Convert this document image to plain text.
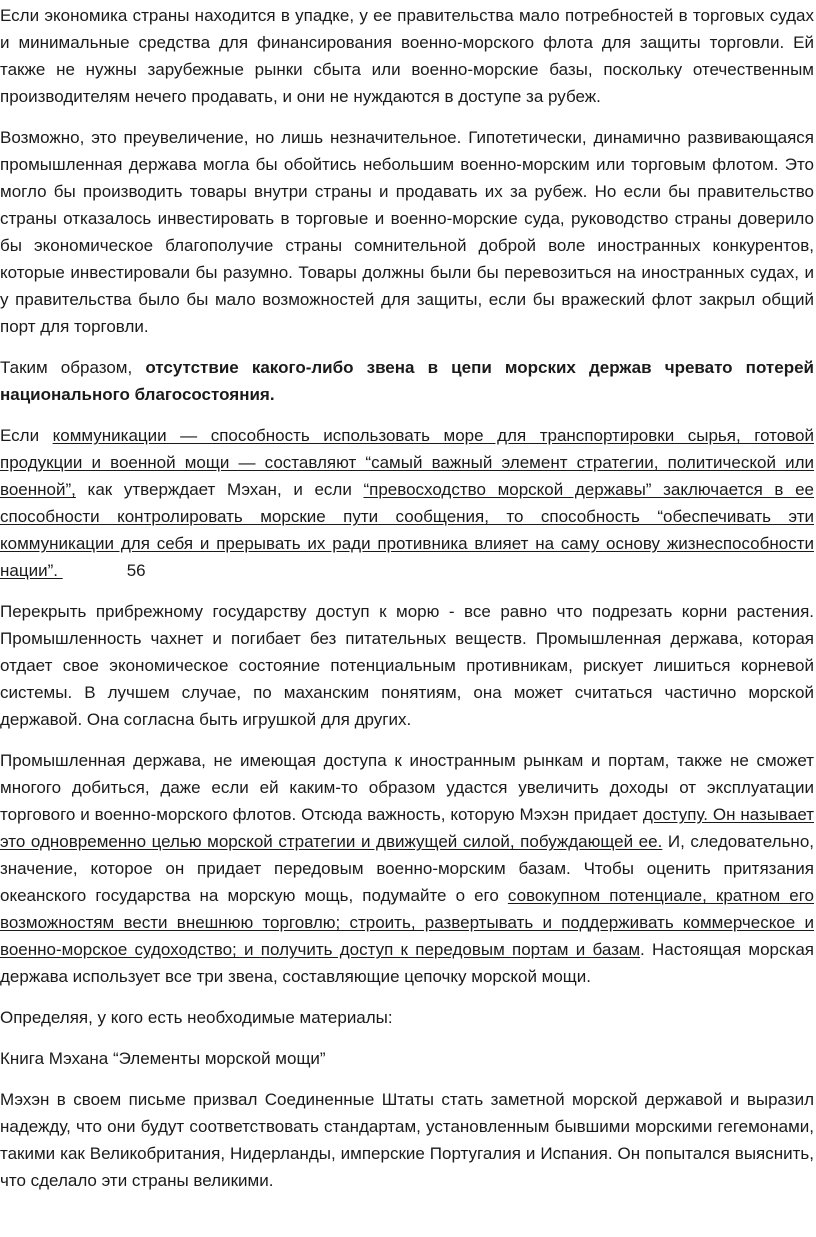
Если экономика страны находится в упадке, у ее правительства мало потребностей в торговых судах и минимальные средства для финансирования военно-морского флота для защиты торговли. Ей также не нужны зарубежные рынки сбыта или военно-морские базы, поскольку отечественным производителям нечего продавать, и они не нуждаются в доступе за рубеж.

Возможно, это преувеличение, но лишь незначительное. Гипотетически, динамично развивающаяся промышленная держава могла бы обойтись небольшим военно-морским или торговым флотом. Это могло бы производить товары внутри страны и продавать их за рубеж. Но если бы правительство страны отказалось инвестировать в торговые и военно-морские суда, руководство страны доверило бы экономическое благополучие страны сомнительной доброй воле иностранных конкурентов, которые инвестировали бы разумно. Товары должны были бы перевозиться на иностранных судах, и у правительства было бы мало возможностей для защиты, если бы вражеский флот закрыл общий порт для торговли.

Таким образом, отсутствие какого-либо звена в цепи морских держав чревато потерей национального благосостояния.

Если коммуникации — способность использовать море для транспортировки сырья, готовой продукции и военной мощи — составляют “самый важный элемент стратегии, политической или военной”, как утверждает Мэхан, и если “превосходство морской державы” заключается в ее способности контролировать морские пути сообщения, то способность “обеспечивать эти коммуникации для себя и прерывать их ради противника влияет на саму основу жизнеспособности нации”.	56

Перекрыть прибрежному государству доступ к морю - все равно что подрезать корни растения. Промышленность чахнет и погибает без питательных веществ. Промышленная держава, которая отдает свое экономическое состояние потенциальным противникам, рискует лишиться корневой системы. В лучшем случае, по маханским понятиям, она может считаться частично морской державой. Она согласна быть игрушкой для других.

Промышленная держава, не имеющая доступа к иностранным рынкам и портам, также не сможет многого добиться, даже если ей каким-то образом удастся увеличить доходы от эксплуатации торгового и военно-морского флотов. Отсюда важность, которую Мэхэн придает доступу. Он называет это одновременно целью морской стратегии и движущей силой, побуждающей ее. И, следовательно, значение, которое он придает передовым военно-морским базам. Чтобы оценить притязания океанского государства на морскую мощь, подумайте о его совокупном потенциале, кратном его возможностям вести внешнюю торговлю; строить, развертывать и поддерживать коммерческое и военно-морское судоходство; и получить доступ к передовым портам и базам. Настоящая морская держава использует все три звена, составляющие цепочку морской мощи.

Определяя, у кого есть необходимые материалы:

Книга Мэхана “Элементы морской мощи”

Мэхэн в своем письме призвал Соединенные Штаты стать заметной морской державой и выразил надежду, что они будут соответствовать стандартам, установленным бывшими морскими гегемонами, такими как Великобритания, Нидерланды, имперские Португалия и Испания. Он попытался выяснить, что сделало эти страны великими.
